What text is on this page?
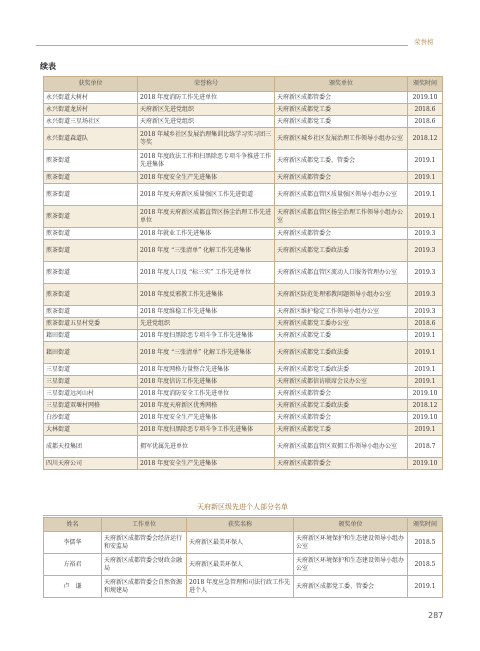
荣誉榜
续表
获奖单位	荣誉称号	颁奖单位	颁奖时间
永兴街道大树村	2018 年度消防工作先进单位	天府新区成都管委会	2019.10
永兴街道龙居村	天府新区先进党组织	天府新区成都党工委	2018.6
永兴街道三星场社区	天府新区先进党组织	天府新区成都党工委	2018.6
永兴街道森道队	2018 年城乡社区发展治理集训比练学习实习团三等奖	天府新区城乡社区发展治理工作领导小组办公室	2018.12
煎茶街道	2018 年度政法工作和扫黑除恶专项斗争推进工作先进集体	天府新区成都党工委、管委会	2019.1
煎茶街道	2018 年度安全生产先进集体	天府新区成都管委会	2019.1
煎茶街道	2018 年度天府新区质量强区工作先进街道	天府新区成都直管区质量强区领导小组办公室	2019.1
煎茶街道	2018 年度天府新区成都直管区扬尘治理工作先进单位	天府新区成都直管区扬尘治理工作领导小组办公室	2019.1
煎茶街道	2018 年就业工作先进集体	天府新区成都管委会	2019.3
煎茶街道	2018 年度 “三张清单” 化解工作先进集体	天府新区成都党工委政法委	2019.3
煎茶街道	2018 年度人口及 “标三实” 工作先进单位	天府新区成都直管区流动人口服务管理办公室	2019.3
煎茶街道	2018 年度反邪教工作先进集体	天府新区防范处理邪教问题领导小组办公室	2019.3
煎茶街道	2018 年度维稳工作先进集体	天府新区维护稳定工作领导小组办公室	2019.3
煎茶街道五星村党委	先进党组织	天府新区成都党工委办公室	2018.6
籍田街道	2018 年度扫黑除恶专项斗争工作先进集体	天府新区成都党工委	2019.1
籍田街道	2018 年度 “三张清单” 化解工作先进集体	天府新区成都党工委政法委	2019.1
三星街道	2018 年度网格力量整合先进集体	天府新区成都党工委政法委	2019.1
三星街道	2018 年度信访工作先进集体	天府新区成都信访联席会议办公室	2019.1
三星街道远河山村	2018 年度消防安全工作先进单位	天府新区成都管委会	2019.10
三星街道双堰村网格	2018 年度天府新区优秀网格	天府新区成都党工委政法委	2018.12
白沙街道	2018 年度安全生产先进集体	天府新区成都管委会	2019.10
大林街道	2018 年度扫黑除恶专项斗争工作先进集体	天府新区成都党工委	2019.1
成都天投集团	拥军优属先进单位	天府新区成都直管区双拥工作领导小组办公室	2018.7
四川天府公司	2018 年度安全生产先进集体	天府新区成都管委会	2019.10
天府新区级先进个人部分名单
姓名	工作单位	获奖名称	颁奖单位	颁奖时间
李儒华	天府新区成都管委会经济运行和安监局	天府新区最美环保人	天府新区环境保护和生态建设领导小组办公室	2018.5
方裕君	天府新区成都管委会财政金融局	天府新区最美环保人	天府新区环境保护和生态建设领导小组办公室	2018.5
卢　谦	天府新区成都管委会自然资源和规建局	2018 年度应急管理和司法行政工作先进个人	天府新区成都党工委、管委会	2019.1
287
